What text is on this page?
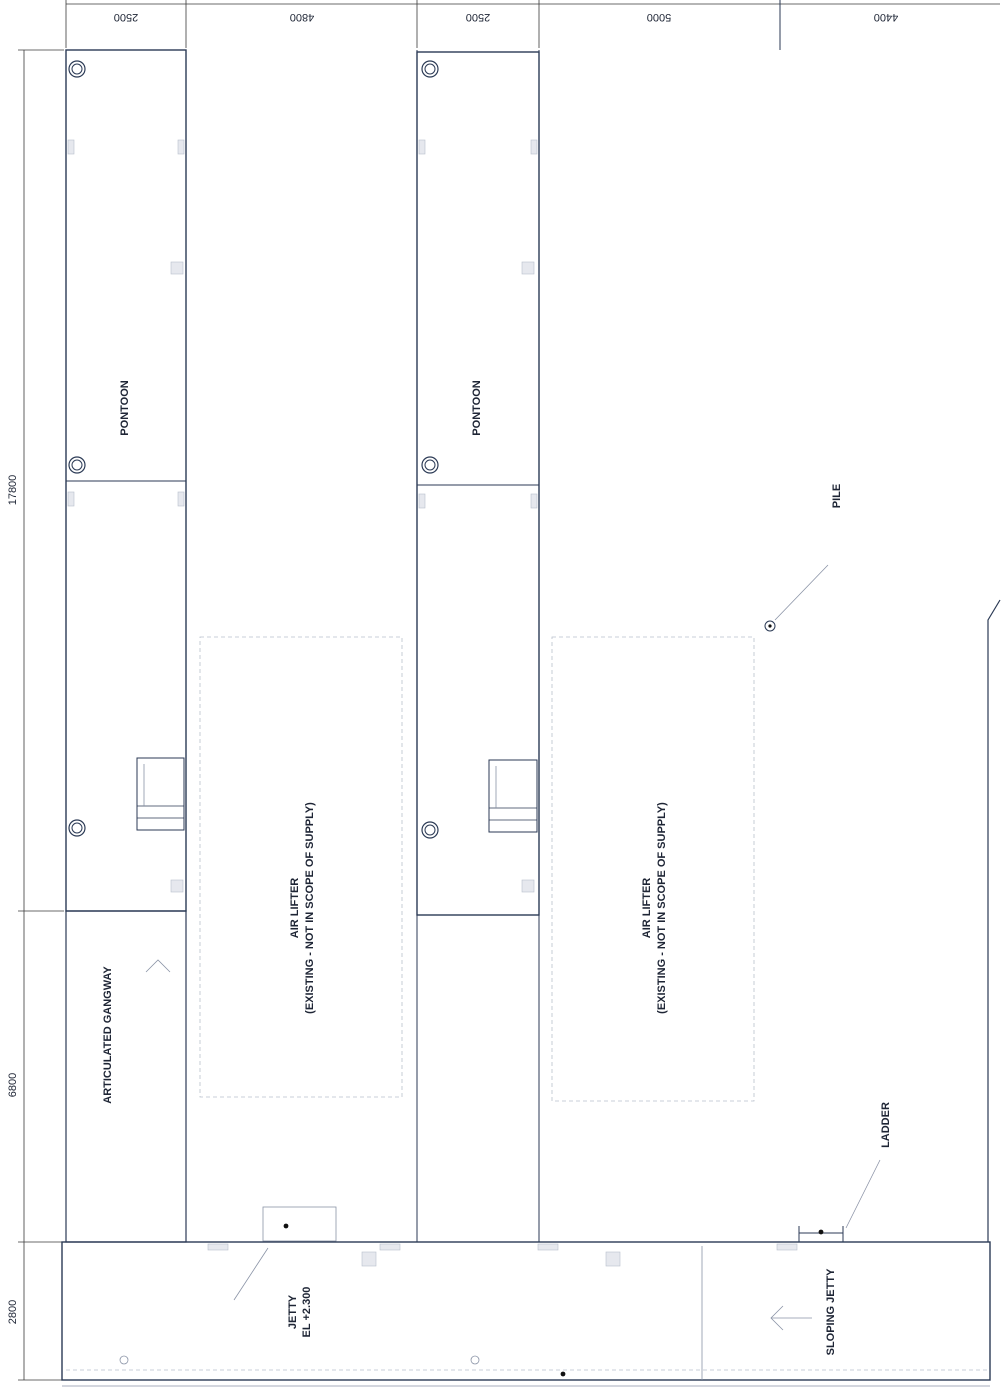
2500	4800	2500	5000	4400
17800
6800
2800
PONTOON
ARTICULATED GANGWAY
AIR LIFTER (EXISTING - NOT IN SCOPE OF SUPPLY)
PONTOON
AIR LIFTER (EXISTING - NOT IN SCOPE OF SUPPLY)
PILE
LADDER
JETTY EL +2.300	SLOPING JETTY
